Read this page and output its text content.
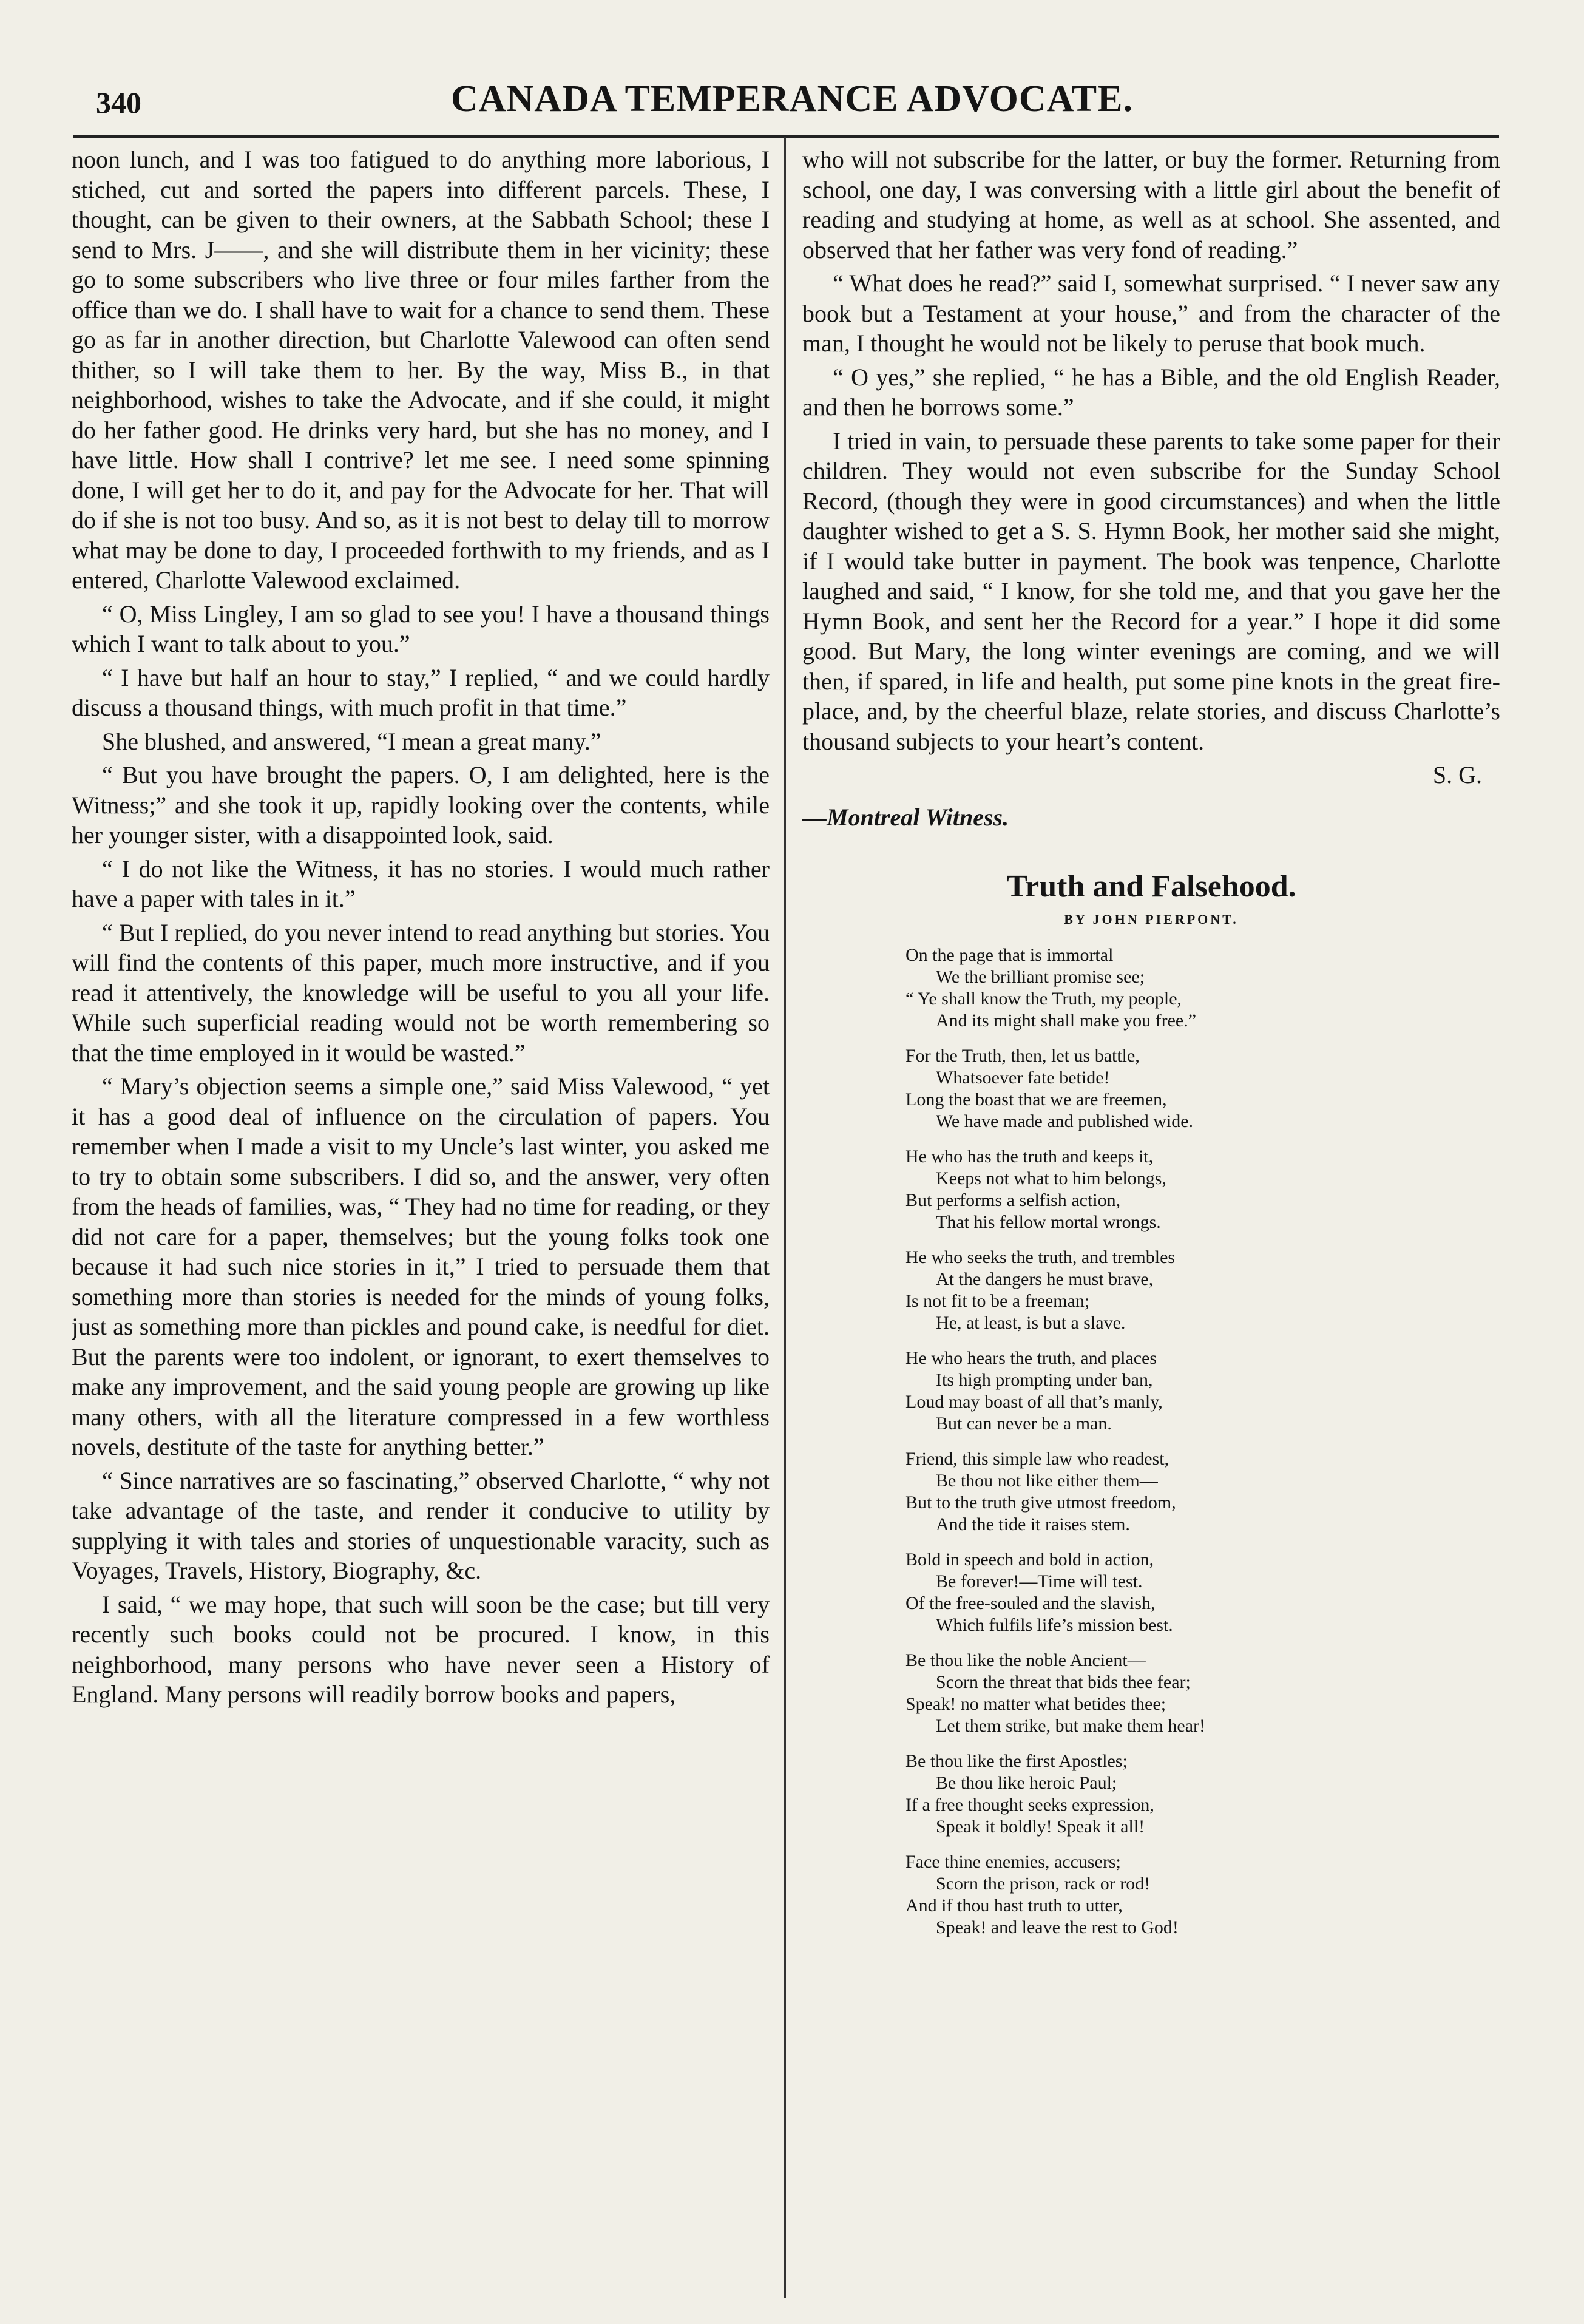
340	CANADA TEMPERANCE ADVOCATE.

noon lunch, and I was too fatigued to do anything more laborious, I stiched, cut and sorted the papers into different parcels. These, I thought, can be given to their owners, at the Sabbath School; these I send to Mrs. J——, and she will distribute them in her vicinity; these go to some subscribers who live three or four miles farther from the office than we do. I shall have to wait for a chance to send them. These go as far in another direction, but Charlotte Valewood can often send thither, so I will take them to her. By the way, Miss B., in that neighborhood, wishes to take the Advocate, and if she could, it might do her father good. He drinks very hard, but she has no money, and I have little. How shall I contrive? let me see. I need some spinning done, I will get her to do it, and pay for the Advocate for her. That will do if she is not too busy. And so, as it is not best to delay till to morrow what may be done to day, I proceeded forthwith to my friends, and as I entered, Charlotte Valewood exclaimed.

“ O, Miss Lingley, I am so glad to see you! I have a thousand things which I want to talk about to you.”

“ I have but half an hour to stay,” I replied, “ and we could hardly discuss a thousand things, with much profit in that time.”

She blushed, and answered, “I mean a great many.”

“ But you have brought the papers. O, I am delighted, here is the Witness;” and she took it up, rapidly looking over the contents, while her younger sister, with a disappointed look, said.

“ I do not like the Witness, it has no stories. I would much rather have a paper with tales in it.”

“ But I replied, do you never intend to read anything but stories. You will find the contents of this paper, much more instructive, and if you read it attentively, the knowledge will be useful to you all your life. While such superficial reading would not be worth remembering so that the time employed in it would be wasted.”

“ Mary’s objection seems a simple one,” said Miss Valewood, “ yet it has a good deal of influence on the circulation of papers. You remember when I made a visit to my Uncle’s last winter, you asked me to try to obtain some subscribers. I did so, and the answer, very often from the heads of families, was, “ They had no time for reading, or they did not care for a paper, themselves; but the young folks took one because it had such nice stories in it,” I tried to persuade them that something more than stories is needed for the minds of young folks, just as something more than pickles and pound cake, is needful for diet. But the parents were too indolent, or ignorant, to exert themselves to make any improvement, and the said young people are growing up like many others, with all the literature compressed in a few worthless novels, destitute of the taste for anything better.”

“ Since narratives are so fascinating,” observed Charlotte, “ why not take advantage of the taste, and render it conducive to utility by supplying it with tales and stories of unquestionable varacity, such as Voyages, Travels, History, Biography, &c.

I said, “ we may hope, that such will soon be the case; but till very recently such books could not be procured. I know, in this neighborhood, many persons who have never seen a History of England. Many persons will readily borrow books and papers,

who will not subscribe for the latter, or buy the former. Returning from school, one day, I was conversing with a little girl about the benefit of reading and studying at home, as well as at school. She assented, and observed that her father was very fond of reading.”

“ What does he read?” said I, somewhat surprised. “ I never saw any book but a Testament at your house,” and from the character of the man, I thought he would not be likely to peruse that book much.

“ O yes,” she replied, “ he has a Bible, and the old English Reader, and then he borrows some.”

I tried in vain, to persuade these parents to take some paper for their children. They would not even subscribe for the Sunday School Record, (though they were in good circumstances) and when the little daughter wished to get a S. S. Hymn Book, her mother said she might, if I would take butter in payment. The book was tenpence, Charlotte laughed and said, “ I know, for she told me, and that you gave her the Hymn Book, and sent her the Record for a year.” I hope it did some good. But Mary, the long winter evenings are coming, and we will then, if spared, in life and health, put some pine knots in the great fire-place, and, by the cheerful blaze, relate stories, and discuss Charlotte’s thousand subjects to your heart’s content.

S. G.

—Montreal Witness.

Truth and Falsehood.
BY JOHN PIERPONT.
On the page that is immortal
We the brilliant promise see;
“ Ye shall know the Truth, my people,
And its might shall make you free.”
For the Truth, then, let us battle,
Whatsoever fate betide!
Long the boast that we are freemen,
We have made and published wide.
He who has the truth and keeps it,
Keeps not what to him belongs,
But performs a selfish action,
That his fellow mortal wrongs.
He who seeks the truth, and trembles
At the dangers he must brave,
Is not fit to be a freeman;
He, at least, is but a slave.
He who hears the truth, and places
Its high prompting under ban,
Loud may boast of all that’s manly,
But can never be a man.
Friend, this simple law who readest,
Be thou not like either them—
But to the truth give utmost freedom,
And the tide it raises stem.
Bold in speech and bold in action,
Be forever!—Time will test.
Of the free-souled and the slavish,
Which fulfils life’s mission best.
Be thou like the noble Ancient—
Scorn the threat that bids thee fear;
Speak! no matter what betides thee;
Let them strike, but make them hear!
Be thou like the first Apostles;
Be thou like heroic Paul;
If a free thought seeks expression,
Speak it boldly! Speak it all!
Face thine enemies, accusers;
Scorn the prison, rack or rod!
And if thou hast truth to utter,
Speak! and leave the rest to God!
